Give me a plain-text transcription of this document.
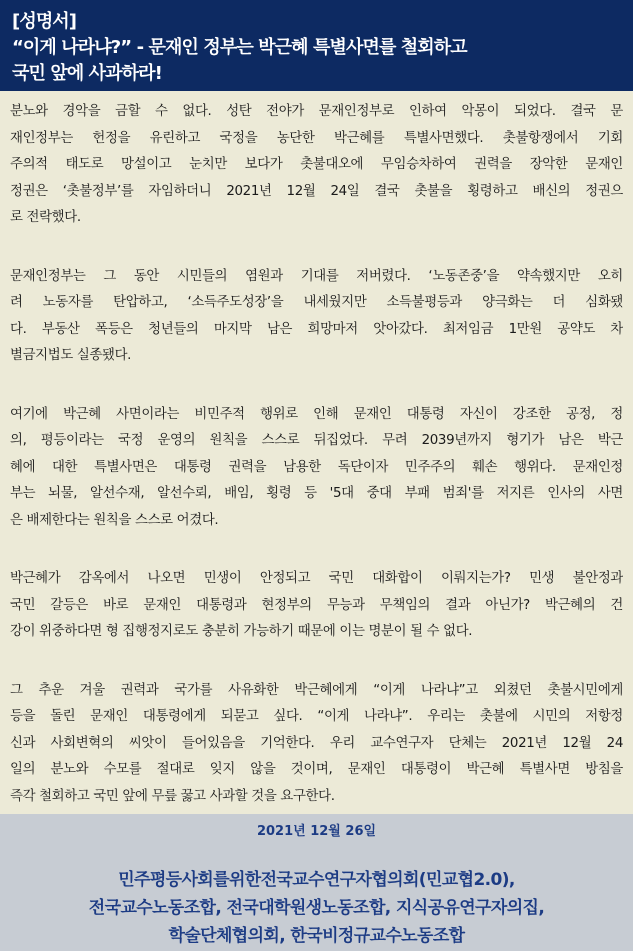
[성명서]
“이게 나라냐?” - 문재인 정부는 박근혜 특별사면를 철회하고
국민 앞에 사과하라!
분노와 경악을 금할 수 없다. 성탄 전야가 문재인정부로 인하여 악몽이 되었다. 결국 문
재인정부는 헌정을 유린하고 국정을 농단한 박근혜를 특별사면했다. 촛불항쟁에서 기회
주의적 태도로 망설이고 눈치만 보다가 촛불대오에 무임승차하여 권력을 장악한 문재인
정권은 ‘촛불정부’를 자임하더니 2021년 12월 24일 결국 촛불을 횡령하고 배신의 정권으
로 전락했다.
문재인정부는 그 동안 시민들의 염원과 기대를 저버렸다. ‘노동존중’을 약속했지만 오히
려 노동자를 탄압하고, ‘소득주도성장’을 내세웠지만 소득불평등과 양극화는 더 심화됐
다. 부동산 폭등은 청년들의 마지막 남은 희망마저 앗아갔다. 최저임금 1만원 공약도 차
별금지법도 실종됐다.
여기에 박근혜 사면이라는 비민주적 행위로 인해 문재인 대통령 자신이 강조한 공정, 정
의, 평등이라는 국정 운영의 원칙을 스스로 뒤집었다. 무려 2039년까지 형기가 남은 박근
혜에 대한 특별사면은 대통령 권력을 남용한 독단이자 민주주의 훼손 행위다. 문재인정
부는 뇌물, 알선수재, 알선수뢰, 배임, 횡령 등 '5대 중대 부패 범죄'를 저지른 인사의 사면
은 배제한다는 원칙을 스스로 어겼다.
박근혜가 감옥에서 나오면 민생이 안정되고 국민 대화합이 이뤄지는가? 민생 불안정과
국민 갈등은 바로 문재인 대통령과 현정부의 무능과 무책임의 결과 아닌가? 박근혜의 건
강이 위중하다면 형 집행정지로도 충분히 가능하기 때문에 이는 명분이 될 수 없다.
그 추운 겨울 권력과 국가를 사유화한 박근혜에게 “이게 나라냐”고 외쳤던 촛불시민에게
등을 돌린 문재인 대통령에게 되묻고 싶다. “이게 나라냐”. 우리는 촛불에 시민의 저항정
신과 사회변혁의 씨앗이 들어있음을 기억한다. 우리 교수연구자 단체는 2021년 12월 24
일의 분노와 수모를 절대로 잊지 않을 것이며, 문재인 대통령이 박근혜 특별사면 방침을
즉각 철회하고 국민 앞에 무릎 꿇고 사과할 것을 요구한다.
2021년 12월 26일
민주평등사회를위한전국교수연구자협의회(민교협2.0),
전국교수노동조합, 전국대학원생노동조합, 지식공유연구자의집,
학술단체협의회, 한국비정규교수노동조합
